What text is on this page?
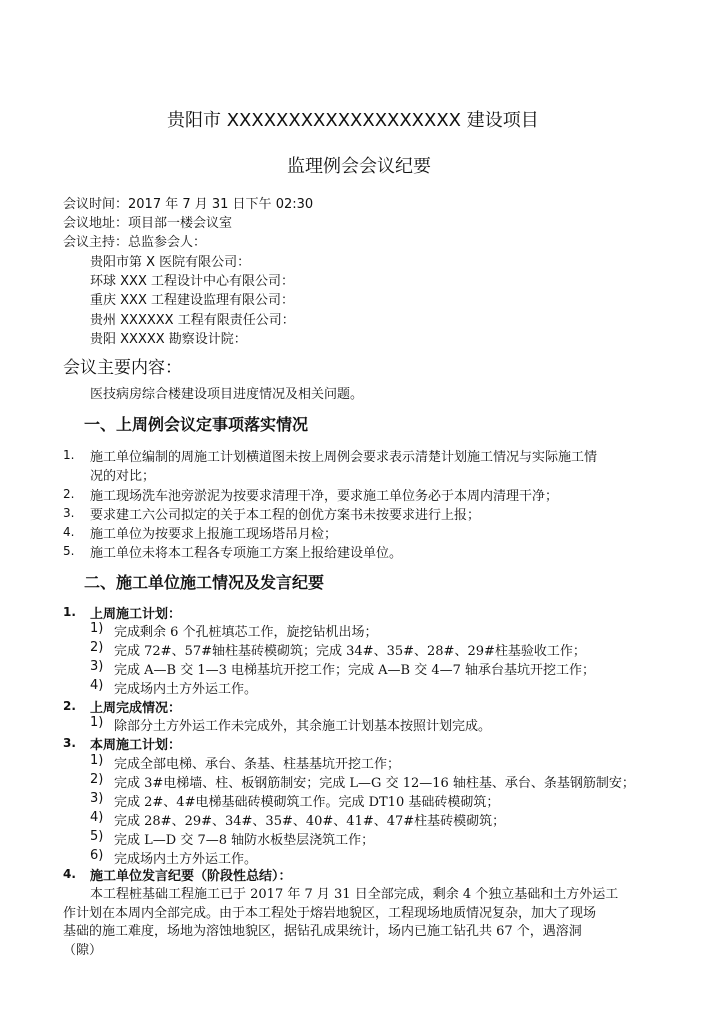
贵阳市 XXXXXXXXXXXXXXXXXXX 建设项目
监理例会会议纪要
会议时间：2017 年 7 月 31 日下午 02:30
会议地址：项目部一楼会议室
会议主持：总监参会人：
贵阳市第 X 医院有限公司：
环球 XXX 工程设计中心有限公司：
重庆 XXX 工程建设监理有限公司：
贵州 XXXXXX 工程有限责任公司：
贵阳 XXXXX 勘察设计院：
会议主要内容：
医技病房综合楼建设项目进度情况及相关问题。
一、上周例会议定事项落实情况
1. 施工单位编制的周施工计划横道图未按上周例会要求表示清楚计划施工情况与实际施工情
况的对比；
2. 施工现场洗车池旁淤泥为按要求清理干净，要求施工单位务必于本周内清理干净；
3. 要求建工六公司拟定的关于本工程的创优方案书未按要求进行上报；
4. 施工单位为按要求上报施工现场塔吊月检；
5. 施工单位未将本工程各专项施工方案上报给建设单位。
二、施工单位施工情况及发言纪要
1. 上周施工计划：
1) 完成剩余 6 个孔桩填芯工作，旋挖钻机出场；
2) 完成 72#、57#轴柱基砖模砌筑；完成 34#、35#、28#、29#柱基验收工作；
3) 完成 A—B 交 1—3 电梯基坑开挖工作；完成 A—B 交 4—7 轴承台基坑开挖工作；
4) 完成场内土方外运工作。
2. 上周完成情况：
1) 除部分土方外运工作未完成外，其余施工计划基本按照计划完成。
3. 本周施工计划：
1) 完成全部电梯、承台、条基、柱基基坑开挖工作；
2) 完成 3#电梯墙、柱、板钢筋制安；完成 L—G 交 12—16 轴柱基、承台、条基钢筋制安；
3) 完成 2#、4#电梯基础砖模砌筑工作。完成 DT10 基础砖模砌筑；
4) 完成 28#、29#、34#、35#、40#、41#、47#柱基砖模砌筑；
5) 完成 L—D 交 7—8 轴防水板垫层浇筑工作；
6) 完成场内土方外运工作。
4. 施工单位发言纪要（阶段性总结）：
本工程桩基础工程施工已于 2017 年 7 月 31 日全部完成，剩余 4 个独立基础和土方外运工
作计划在本周内全部完成。由于本工程处于熔岩地貌区，工程现场地质情况复杂，加大了现场
基础的施工难度，场地为溶蚀地貌区，据钻孔成果统计，场内已施工钻孔共 67 个，遇溶洞
（隙）
